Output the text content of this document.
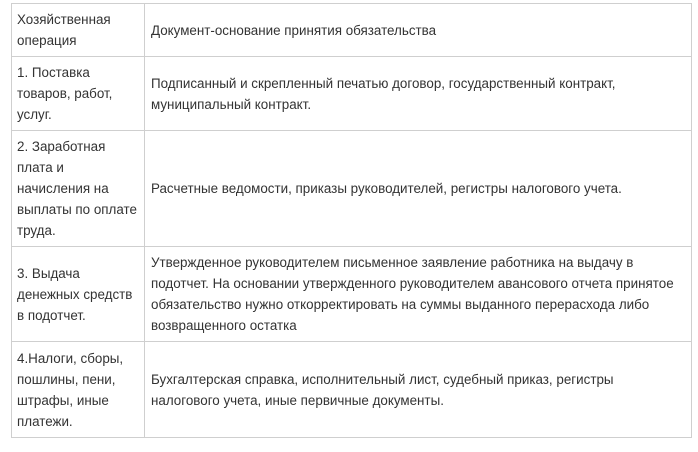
Хозяйственная операция	Документ-основание принятия обязательства
1. Поставка товаров, работ, услуг.	Подписанный и скрепленный печатью договор, государственный контракт, муниципальный контракт.
2. Заработная плата и начисления на выплаты по оплате труда.	Расчетные ведомости, приказы руководителей, регистры налогового учета.
3. Выдача денежных средств в подотчет.	Утвержденное руководителем письменное заявление работника на выдачу в подотчет. На основании утвержденного руководителем авансового отчета принятое обязательство нужно откорректировать на суммы выданного перерасхода либо возвращенного остатка
4.Налоги, сборы, пошлины, пени, штрафы, иные платежи.	Бухгалтерская справка, исполнительный лист, судебный приказ, регистры налогового учета, иные первичные документы.
